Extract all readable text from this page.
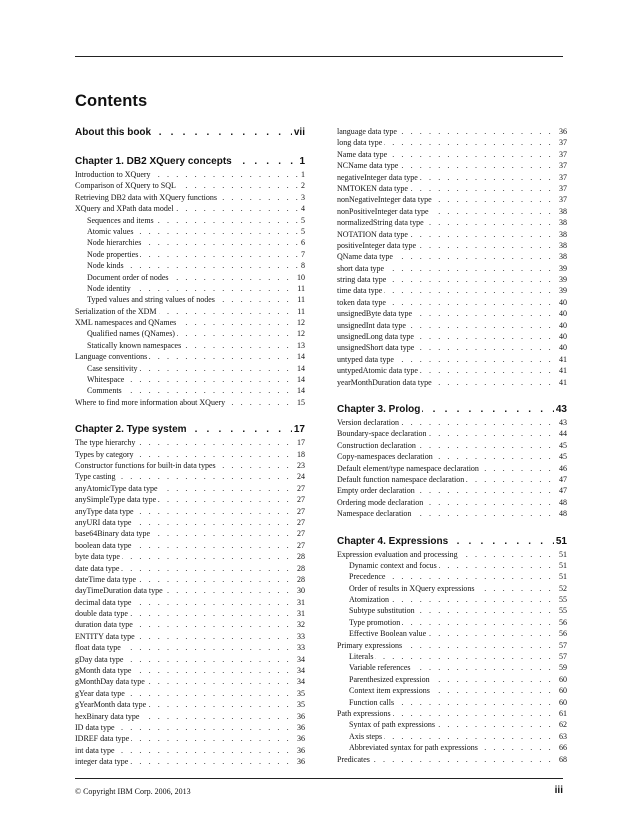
Contents
About this book	vii
. . .
Chapter 1. DB2 XQuery concepts	1
. . .
Introduction to XQuery	1
. . .
Comparison of XQuery to SQL	2
. . .
Retrieving DB2 data with XQuery functions	3
. . .
XQuery and XPath data model	4
. . .
Sequences and items	5
. . .
Atomic values	5
. . .
Node hierarchies	6
. . .
Node properties	7
. . .
Node kinds	8
. . .
Document order of nodes	10
. . .
Node identity	11
. . .
Typed values and string values of nodes	11
. . .
Serialization of the XDM	11
. . .
XML namespaces and QNames	12
. . .
Qualified names (QNames)	12
. . .
Statically known namespaces	13
. . .
Language conventions	14
. . .
Case sensitivity	14
. . .
Whitespace	14
. . .
Comments	14
. . .
Where to find more information about XQuery	15
. . .
Chapter 2. Type system	17
. . .
The type hierarchy	17
. . .
Types by category	18
. . .
Constructor functions for built-in data types	23
. . .
Type casting	24
. . .
anyAtomicType data type	27
. . .
anySimpleType data type	27
. . .
anyType data type	27
. . .
anyURI data type	27
. . .
base64Binary data type	27
. . .
boolean data type	27
. . .
byte data type	28
. . .
date data type	28
. . .
dateTime data type	28
. . .
dayTimeDuration data type	30
. . .
decimal data type	31
. . .
double data type	31
. . .
duration data type	32
. . .
ENTITY data type	33
. . .
float data type	33
. . .
gDay data type	34
. . .
gMonth data type	34
. . .
gMonthDay data type	34
. . .
gYear data type	35
. . .
gYearMonth data type	35
. . .
hexBinary data type	36
. . .
ID data type	36
. . .
IDREF data type	36
. . .
int data type	36
. . .
integer data type	36
. . .
language data type	36
. . .
long data type	37
. . .
Name data type	37
. . .
NCName data type	37
. . .
negativeInteger data type	37
. . .
NMTOKEN data type	37
. . .
nonNegativeInteger data type	37
. . .
nonPositiveInteger data type	38
. . .
normalizedString data type	38
. . .
NOTATION data type	38
. . .
positiveInteger data type	38
. . .
QName data type	38
. . .
short data type	39
. . .
string data type	39
. . .
time data type	39
. . .
token data type	40
. . .
unsignedByte data type	40
. . .
unsignedInt data type	40
. . .
unsignedLong data type	40
. . .
unsignedShort data type	40
. . .
untyped data type	41
. . .
untypedAtomic data type	41
. . .
yearMonthDuration data type	41
. . .
Chapter 3. Prolog	43
. . .
Version declaration	43
. . .
Boundary-space declaration	44
. . .
Construction declaration	45
. . .
Copy-namespaces declaration	45
. . .
Default element/type namespace declaration	46
. . .
Default function namespace declaration	47
. . .
Empty order declaration	47
. . .
Ordering mode declaration	48
. . .
Namespace declaration	48
. . .
Chapter 4. Expressions	51
. . .
Expression evaluation and processing	51
. . .
Dynamic context and focus	51
. . .
Precedence	51
. . .
Order of results in XQuery expressions	52
. . .
Atomization	55
. . .
Subtype substitution	55
. . .
Type promotion	56
. . .
Effective Boolean value	56
. . .
Primary expressions	57
. . .
Literals	57
. . .
Variable references	59
. . .
Parenthesized expression	60
. . .
Context item expressions	60
. . .
Function calls	60
. . .
Path expressions	61
. . .
Syntax of path expressions	62
. . .
Axis steps	63
. . .
Abbreviated syntax for path expressions	66
. . .
Predicates	68
. . .
© Copyright IBM Corp. 2006, 2013	iii
